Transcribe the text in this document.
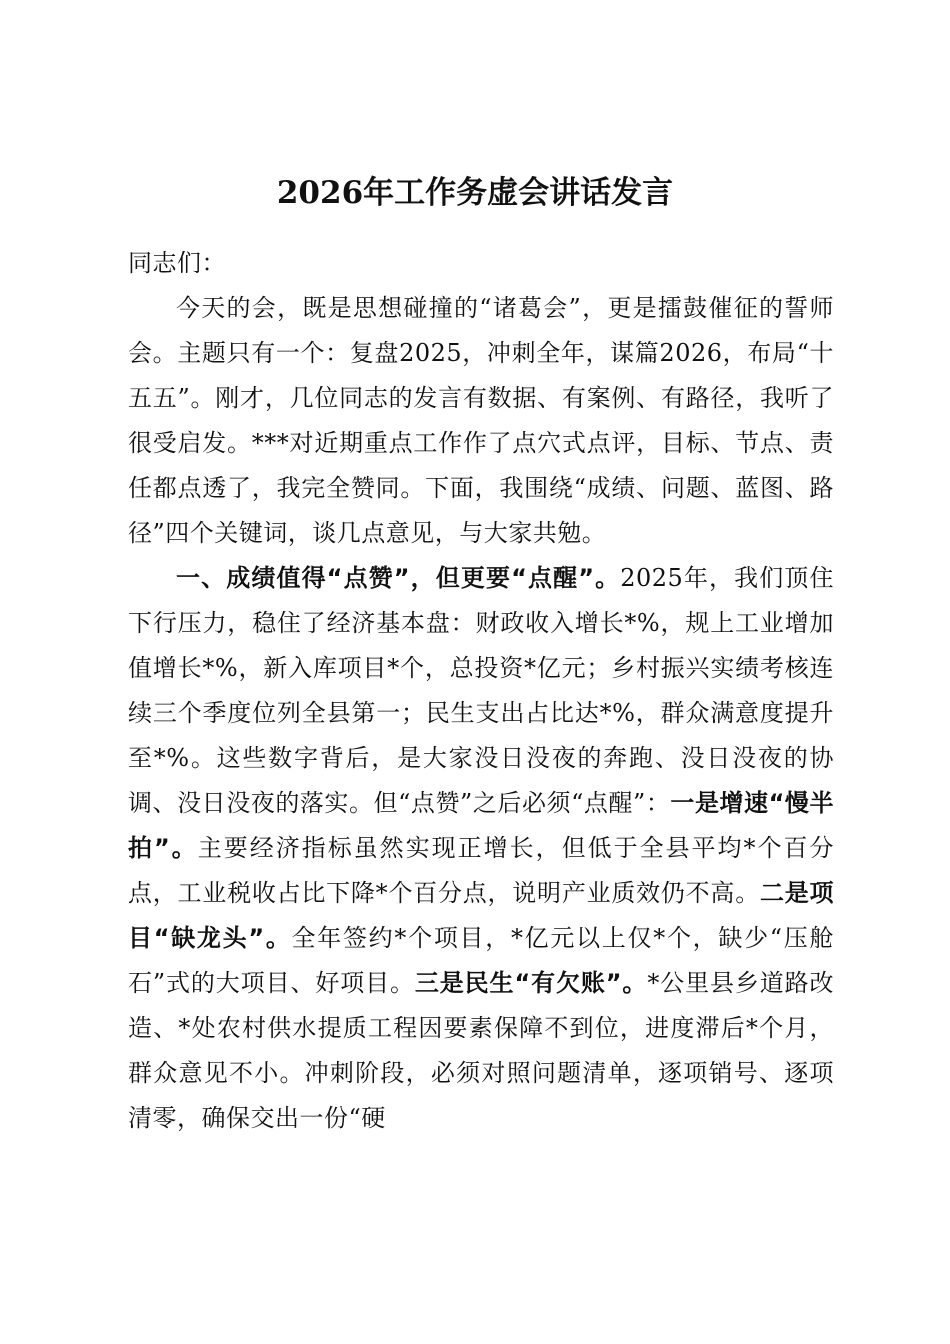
2026年工作务虚会讲话发言

同志们：

今天的会，既是思想碰撞的“诸葛会”，更是擂鼓催征的誓师会。主题只有一个：复盘2025，冲刺全年，谋篇2026，布局“十五五”。刚才，几位同志的发言有数据、有案例、有路径，我听了很受启发。***对近期重点工作作了点穴式点评，目标、节点、责任都点透了，我完全赞同。下面，我围绕“成绩、问题、蓝图、路径”四个关键词，谈几点意见，与大家共勉。

一、成绩值得“点赞”，但更要“点醒”。2025年，我们顶住下行压力，稳住了经济基本盘：财政收入增长*%，规上工业增加值增长*%，新入库项目*个，总投资*亿元；乡村振兴实绩考核连续三个季度位列全县第一；民生支出占比达*%，群众满意度提升至*%。这些数字背后，是大家没日没夜的奔跑、没日没夜的协调、没日没夜的落实。但“点赞”之后必须“点醒”：一是增速“慢半拍”。主要经济指标虽然实现正增长，但低于全县平均*个百分点，工业税收占比下降*个百分点，说明产业质效仍不高。二是项目“缺龙头”。全年签约*个项目，*亿元以上仅*个，缺少“压舱石”式的大项目、好项目。三是民生“有欠账”。*公里县乡道路改造、*处农村供水提质工程因要素保障不到位，进度滞后*个月，群众意见不小。冲刺阶段，必须对照问题清单，逐项销号、逐项清零，确保交出一份“硬
